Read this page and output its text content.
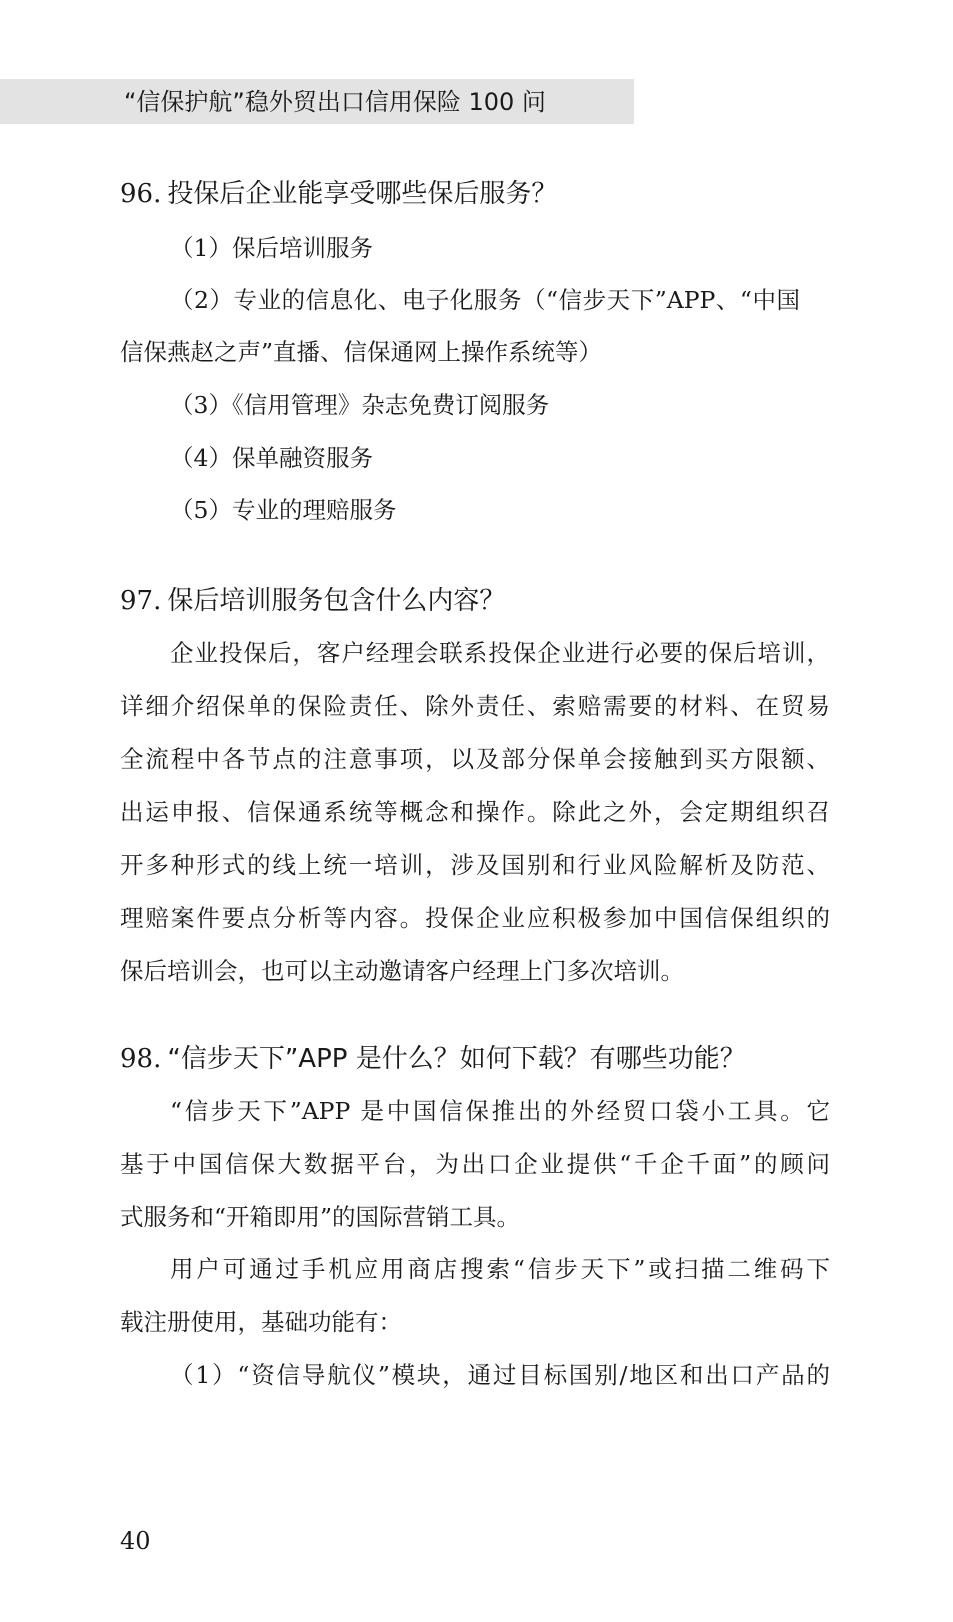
“信保护航”稳外贸出口信用保险 100 问
96. 投保后企业能享受哪些保后服务？
（1）保后培训服务
（2）专业的信息化、电子化服务（“信步天下”APP、“中国
信保燕赵之声”直播、信保通网上操作系统等）
（3）《信用管理》杂志免费订阅服务
（4）保单融资服务
（5）专业的理赔服务
97. 保后培训服务包含什么内容？
企业投保后，客户经理会联系投保企业进行必要的保后培训，
详细介绍保单的保险责任、除外责任、索赔需要的材料、在贸易
全流程中各节点的注意事项，以及部分保单会接触到买方限额、
出运申报、信保通系统等概念和操作。除此之外，会定期组织召
开多种形式的线上统一培训，涉及国别和行业风险解析及防范、
理赔案件要点分析等内容。投保企业应积极参加中国信保组织的
保后培训会，也可以主动邀请客户经理上门多次培训。
98. “信步天下”APP 是什么？如何下载？有哪些功能？
“信步天下”APP 是中国信保推出的外经贸口袋小工具。它
基于中国信保大数据平台，为出口企业提供“千企千面”的顾问
式服务和“开箱即用”的国际营销工具。
用户可通过手机应用商店搜索“信步天下”或扫描二维码下
载注册使用，基础功能有：
（1）“资信导航仪”模块，通过目标国别/地区和出口产品的
40
